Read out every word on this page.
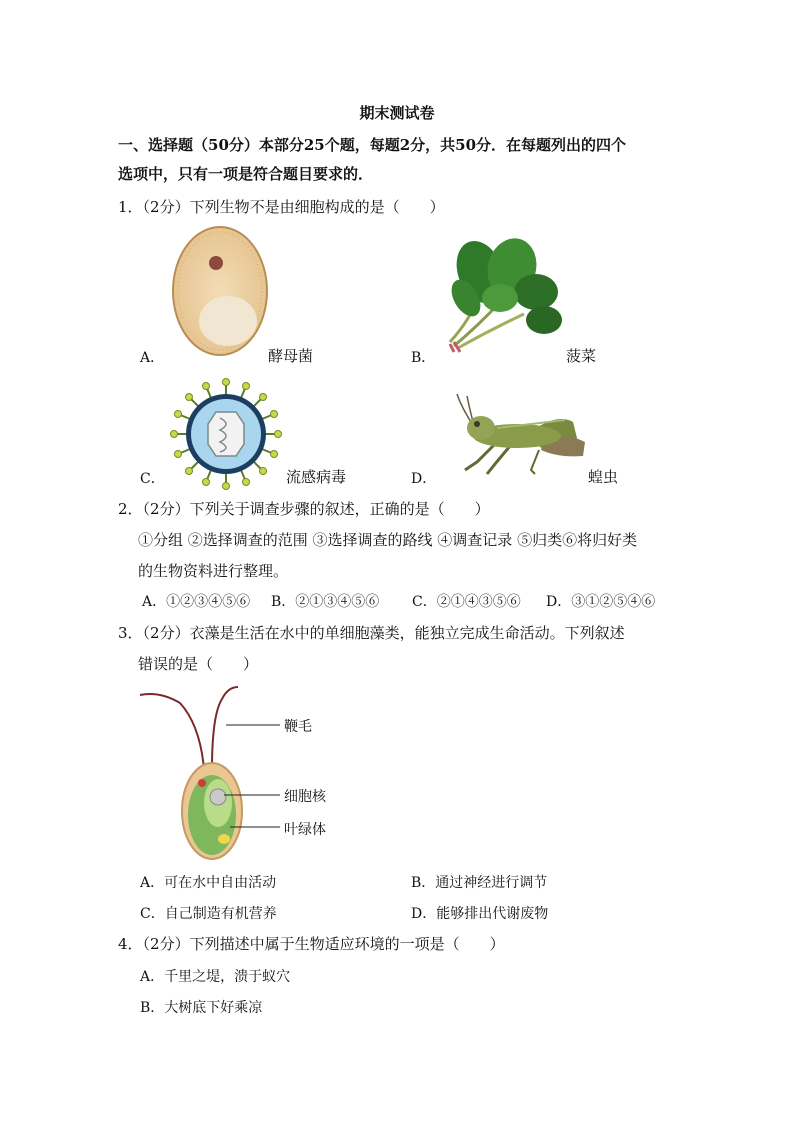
期末测试卷
一、选择题（50分）本部分25个题，每题2分，共50分．在每题列出的四个
选项中，只有一项是符合题目要求的．
1．（2分）下列生物不是由细胞构成的是（　　）
A．	酵母菌	B．	菠菜
C．	流感病毒	D．	蝗虫
2．（2分）下列关于调查步骤的叙述，正确的是（　　）
①分组 ②选择调查的范围 ③选择调查的路线 ④调查记录 ⑤归类⑥将归好类
的生物资料进行整理。
A．①②③④⑤⑥ B．②①③④⑤⑥ C．②①④③⑤⑥ D．③①②⑤④⑥
3．（2分）衣藻是生活在水中的单细胞藻类，能独立完成生命活动。下列叙述
错误的是（　　）
鞭毛
细胞核
叶绿体
A．可在水中自由活动	B．通过神经进行调节
C．自己制造有机营养	D．能够排出代谢废物
4．（2分）下列描述中属于生物适应环境的一项是（　　）
A．千里之堤，溃于蚁穴
B．大树底下好乘凉
